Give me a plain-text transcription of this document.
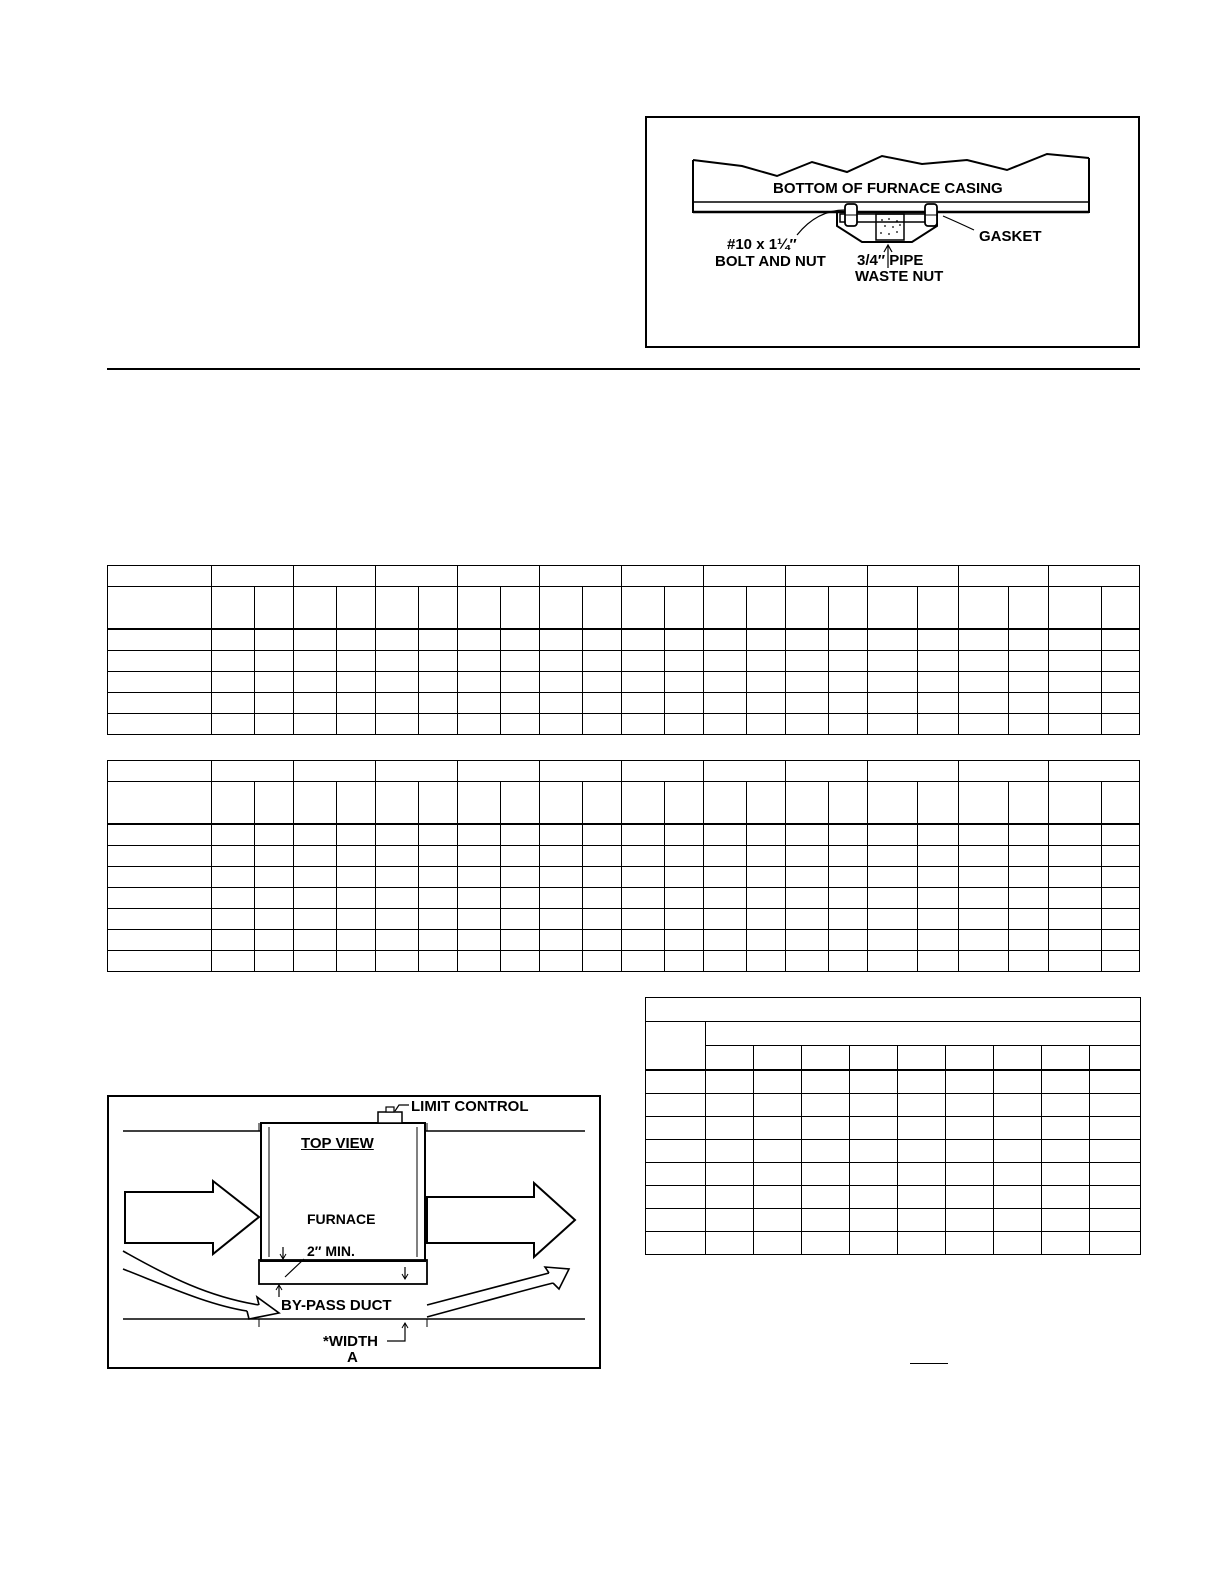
BOTTOM OF FURNACE CASING
#10 x 1¼″
BOLT AND NUT 3/4″ PIPE
WASTE NUT
GASKET

LIMIT CONTROL
TOP VIEW
FURNACE
2″ MIN.
BY-PASS DUCT
*WIDTH
A
